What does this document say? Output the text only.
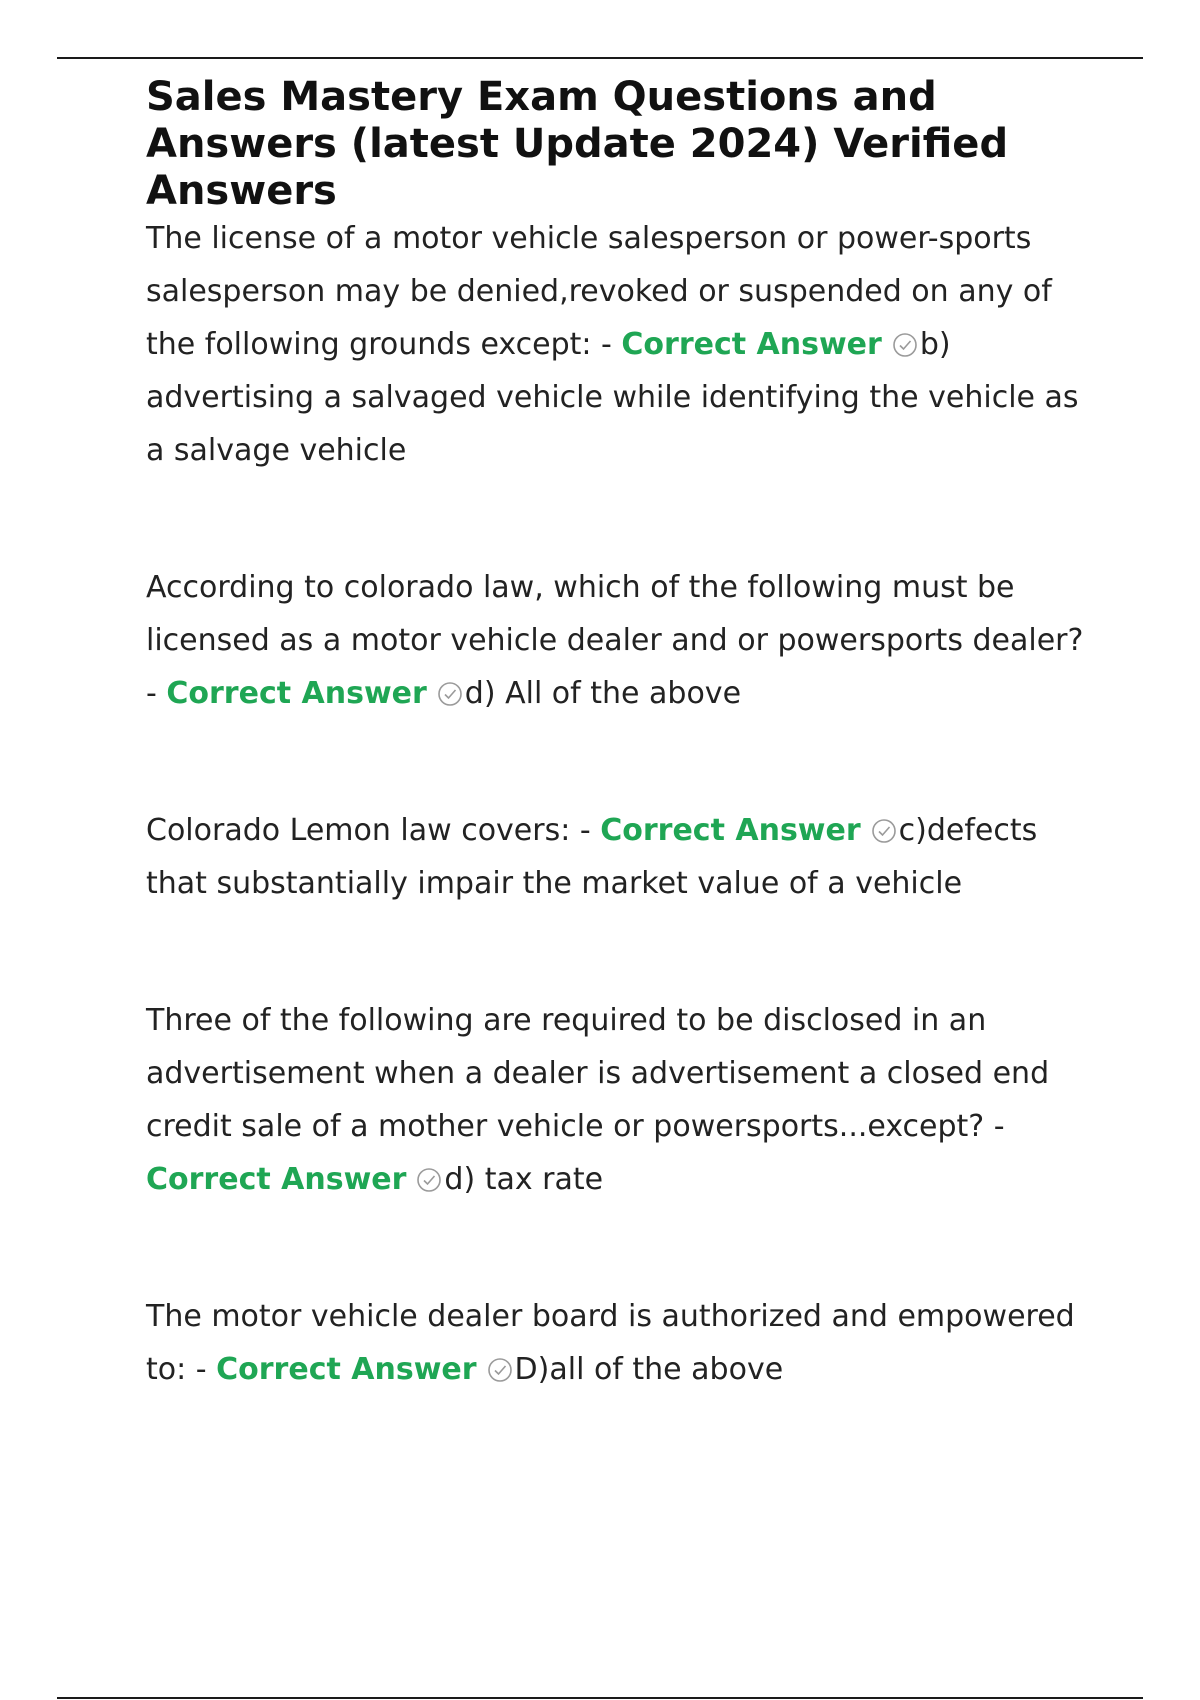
Sales Mastery Exam Questions and Answers (latest Update 2024) Verified Answers

The license of a motor vehicle salesperson or power-sports salesperson may be denied,revoked or suspended on any of the following grounds except: - Correct Answer b) advertising a salvaged vehicle while identifying the vehicle as a salvage vehicle

According to colorado law, which of the following must be licensed as a motor vehicle dealer and or powersports dealer? - Correct Answer d) All of the above

Colorado Lemon law covers: - Correct Answer c)defects that substantially impair the market value of a vehicle

Three of the following are required to be disclosed in an advertisement when a dealer is advertisement a closed end credit sale of a mother vehicle or powersports...except? - Correct Answer d) tax rate

The motor vehicle dealer board is authorized and empowered to: - Correct Answer D)all of the above
